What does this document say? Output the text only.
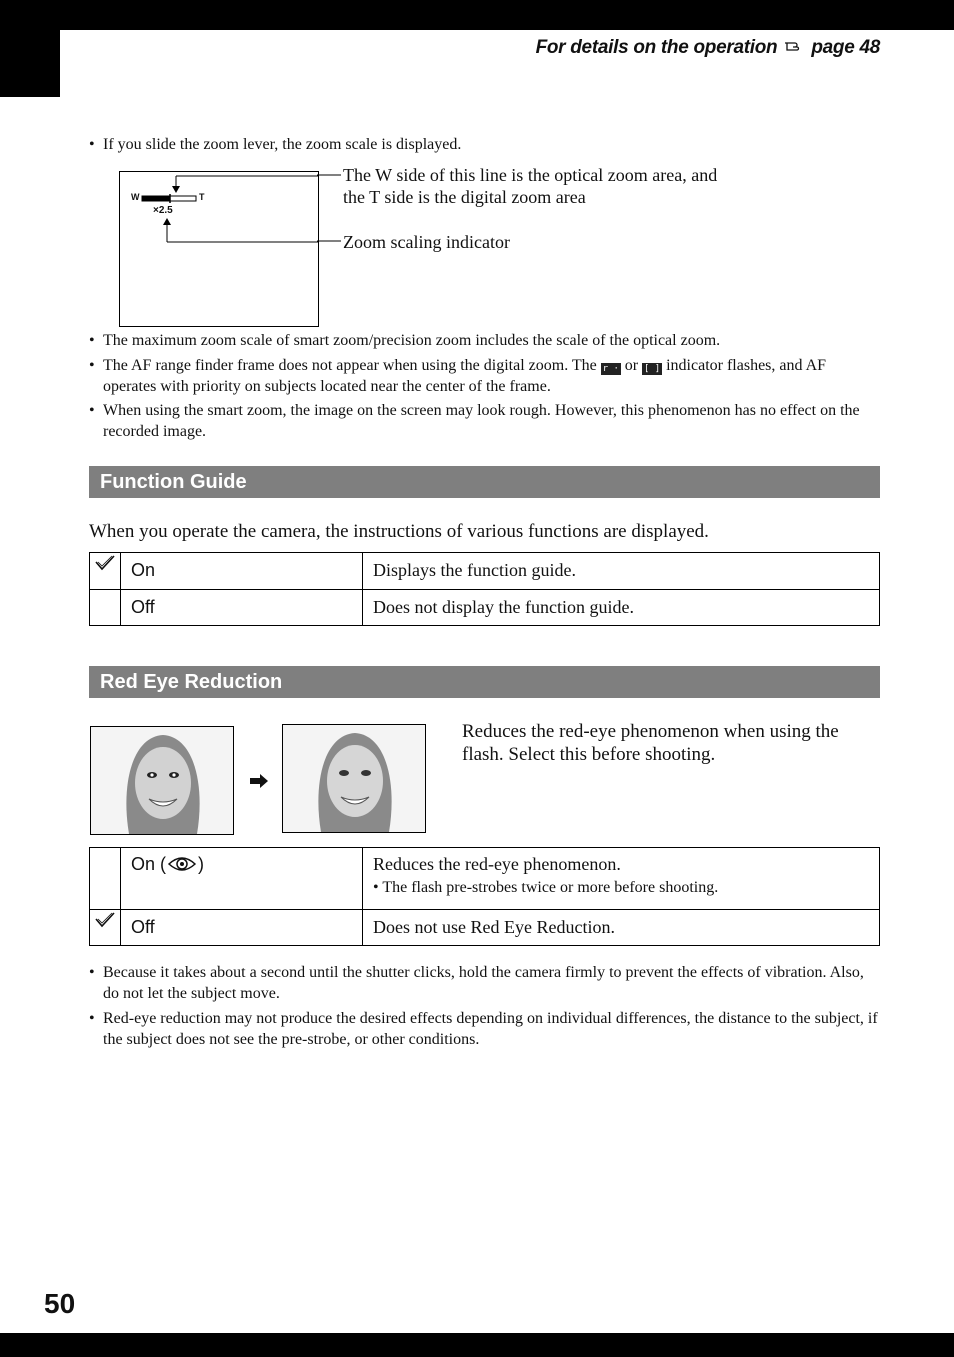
For details on the operation page 48
• If you slide the zoom lever, the zoom scale is displayed.
W	T
×2.5
The W side of this line is the optical zoom area, and the T side is the digital zoom area
Zoom scaling indicator
• The maximum zoom scale of smart zoom/precision zoom includes the scale of the optical zoom.
• The AF range finder frame does not appear when using the digital zoom. The r · or [ ] indicator flashes, and AF operates with priority on subjects located near the center of the frame.
• When using the smart zoom, the image on the screen may look rough. However, this phenomenon has no effect on the recorded image.
Function Guide
When you operate the camera, the instructions of various functions are displayed.
	On	Displays the function guide.
	Off	Does not display the function guide.
Red Eye Reduction
Reduces the red-eye phenomenon when using the flash. Select this before shooting.
	On ( )	Reduces the red-eye phenomenon.
• The flash pre-strobes twice or more before shooting.

	Off	Does not use Red Eye Reduction.
• Because it takes about a second until the shutter clicks, hold the camera firmly to prevent the effects of vibration. Also, do not let the subject move.
• Red-eye reduction may not produce the desired effects depending on individual differences, the distance to the subject, if the subject does not see the pre-strobe, or other conditions.
50
